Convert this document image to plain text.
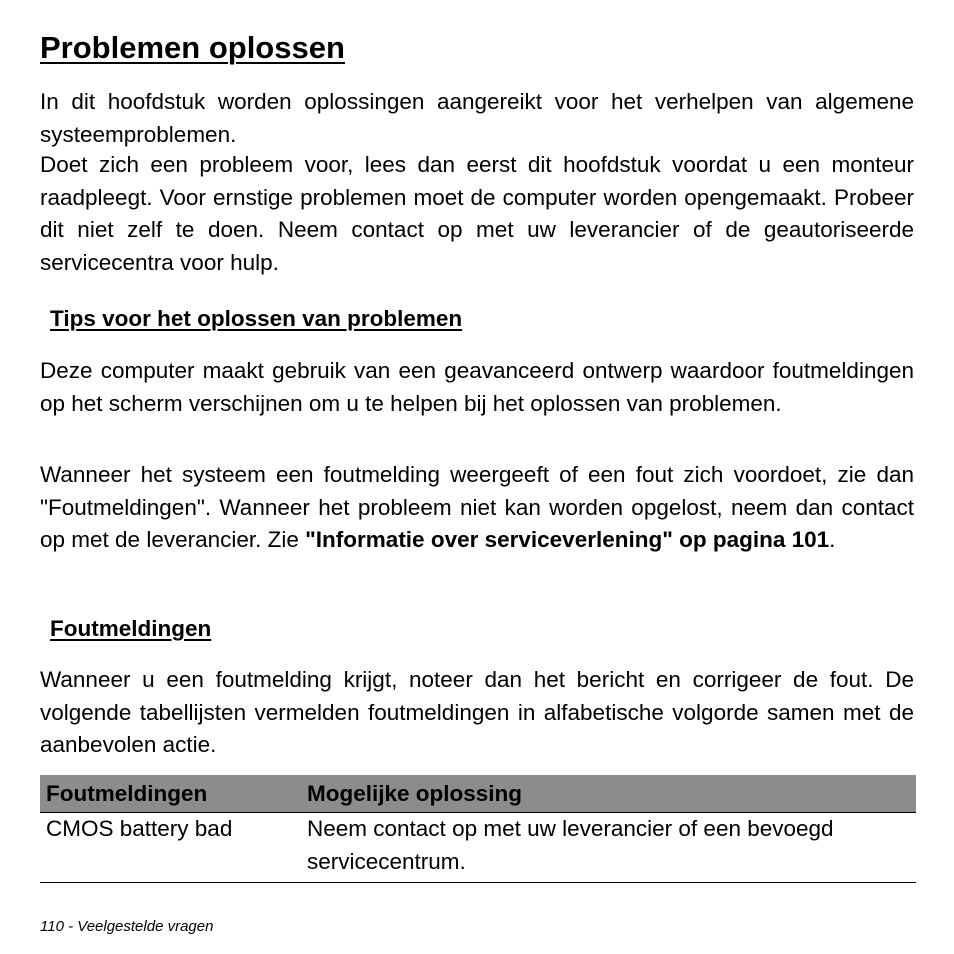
Problemen oplossen

In dit hoofdstuk worden oplossingen aangereikt voor het verhelpen van algemene systeemproblemen.

Doet zich een probleem voor, lees dan eerst dit hoofdstuk voordat u een monteur raadpleegt. Voor ernstige problemen moet de computer worden opengemaakt. Probeer dit niet zelf te doen. Neem contact op met uw leverancier of de geautoriseerde servicecentra voor hulp.

Tips voor het oplossen van problemen

Deze computer maakt gebruik van een geavanceerd ontwerp waardoor foutmeldingen op het scherm verschijnen om u te helpen bij het oplossen van problemen.

Wanneer het systeem een foutmelding weergeeft of een fout zich voordoet, zie dan "Foutmeldingen". Wanneer het probleem niet kan worden opgelost, neem dan contact op met de leverancier. Zie "Informatie over serviceverlening" op pagina 101.

Foutmeldingen

Wanneer u een foutmelding krijgt, noteer dan het bericht en corrigeer de fout. De volgende tabellijsten vermelden foutmeldingen in alfabetische volgorde samen met de aanbevolen actie.

Foutmeldingen	Mogelijke oplossing
CMOS battery bad	Neem contact op met uw leverancier of een bevoegd servicecentrum.
110 - Veelgestelde vragen
